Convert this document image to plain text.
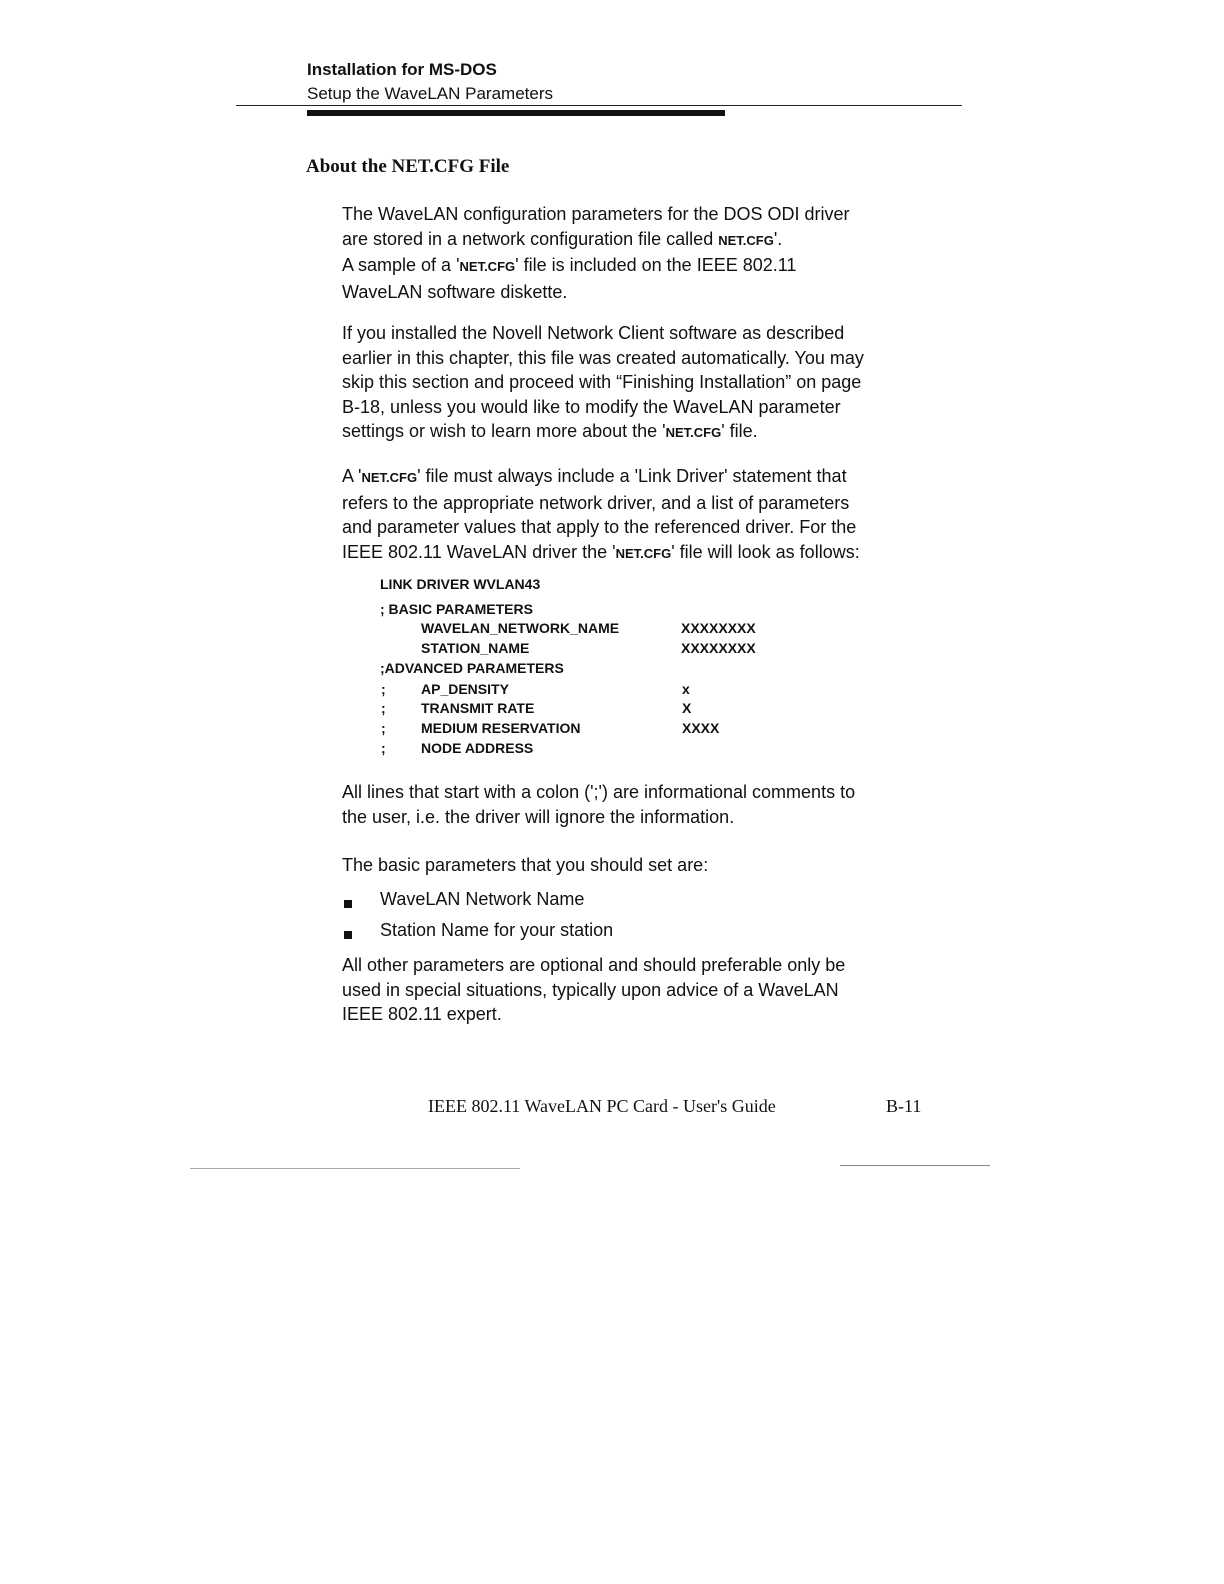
Installation for MS-DOS
Setup the WaveLAN Parameters
About the NET.CFG File
The WaveLAN configuration parameters for the DOS ODI driver
are stored in a network configuration file called NET.CFG'.
A sample of a 'NET.CFG' file is included on the IEEE 802.11
WaveLAN software diskette.
If you installed the Novell Network Client software as described
earlier in this chapter, this file was created automatically. You may
skip this section and proceed with “Finishing Installation” on page
B-18, unless you would like to modify the WaveLAN parameter
settings or wish to learn more about the 'NET.CFG' file.
A 'NET.CFG' file must always include a 'Link Driver' statement that
refers to the appropriate network driver, and a list of parameters
and parameter values that apply to the referenced driver. For the
IEEE 802.11 WaveLAN driver the 'NET.CFG' file will look as follows:
LINK DRIVER WVLAN43
; BASIC PARAMETERS
WAVELAN_NETWORK_NAME	XXXXXXXX
STATION_NAME	XXXXXXXX
;ADVANCED PARAMETERS
;	AP_DENSITY	x
;	TRANSMIT RATE	X
;	MEDIUM RESERVATION	XXXX
;	NODE ADDRESS
All lines that start with a colon (';') are informational comments to
the user, i.e. the driver will ignore the information.
The basic parameters that you should set are:
WaveLAN Network Name
Station Name for your station
All other parameters are optional and should preferable only be
used in special situations, typically upon advice of a WaveLAN
IEEE 802.11 expert.
IEEE 802.11 WaveLAN PC Card - User's Guide	B-11
